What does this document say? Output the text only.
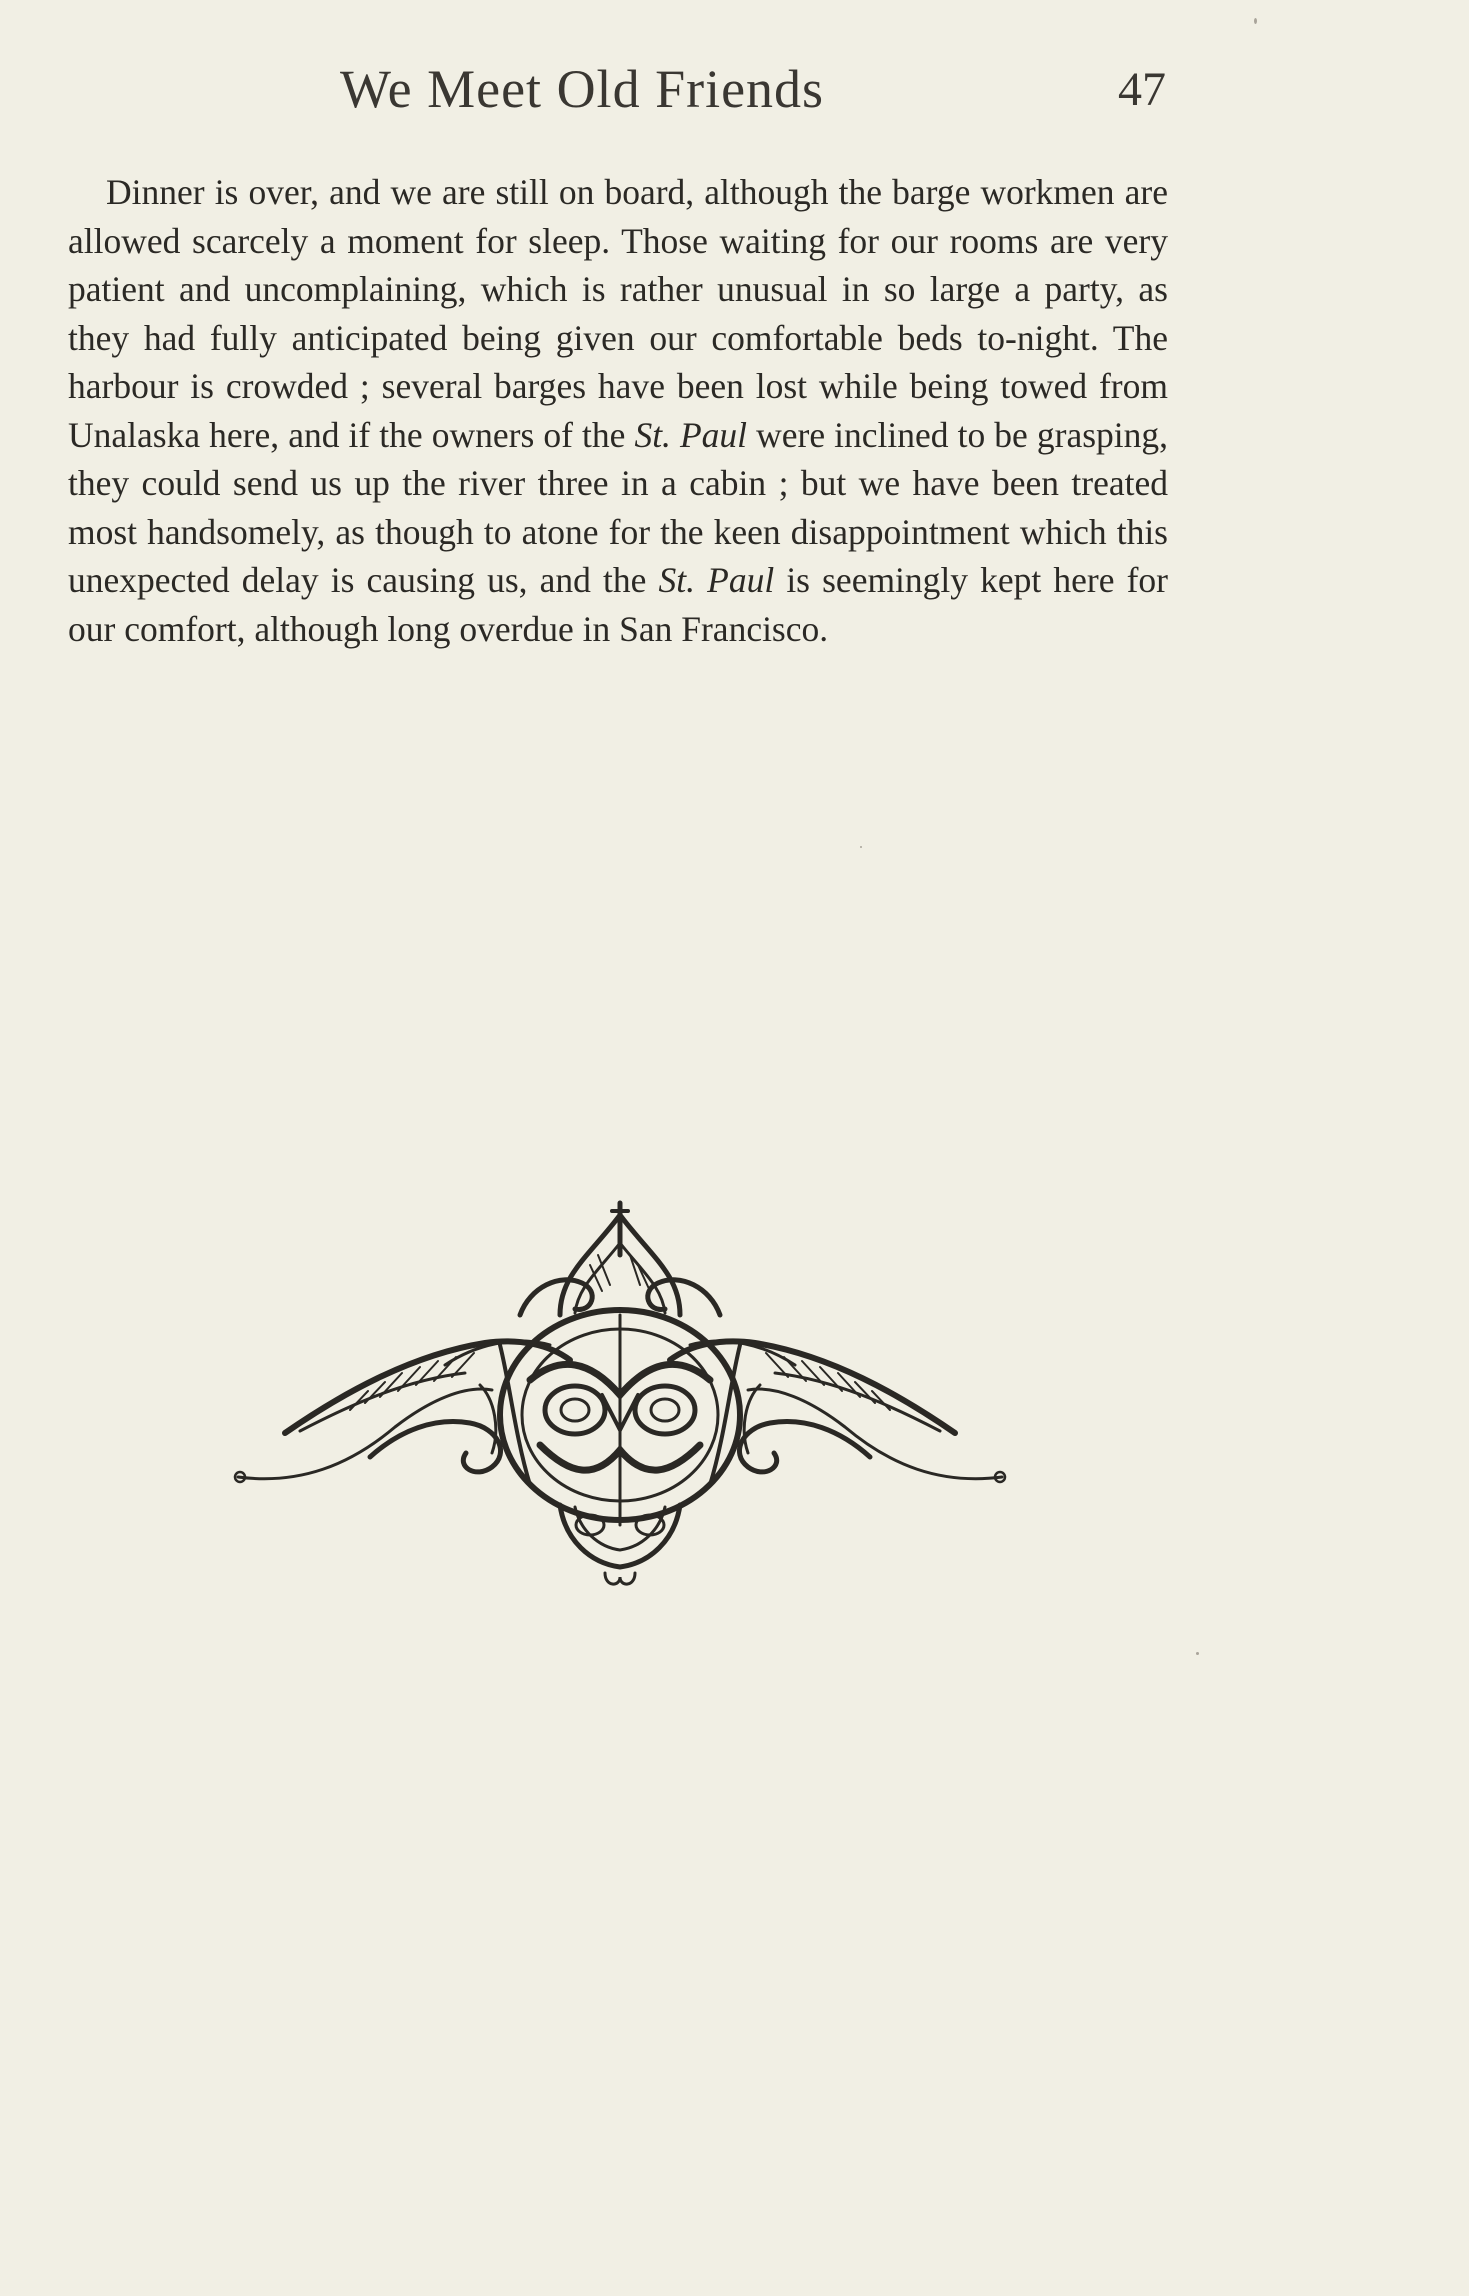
We Meet Old Friends	47

Dinner is over, and we are still on board, although the barge workmen are allowed scarcely a moment for sleep. Those waiting for our rooms are very patient and uncomplaining, which is rather unusual in so large a party, as they had fully anticipated being given our comfortable beds to-night. The harbour is crowded ; several barges have been lost while being towed from Unalaska here, and if the owners of the St. Paul were inclined to be grasping, they could send us up the river three in a cabin ; but we have been treated most handsomely, as though to atone for the keen disappointment which this unexpected delay is causing us, and the St. Paul is seemingly kept here for our comfort, although long overdue in San Francisco.
